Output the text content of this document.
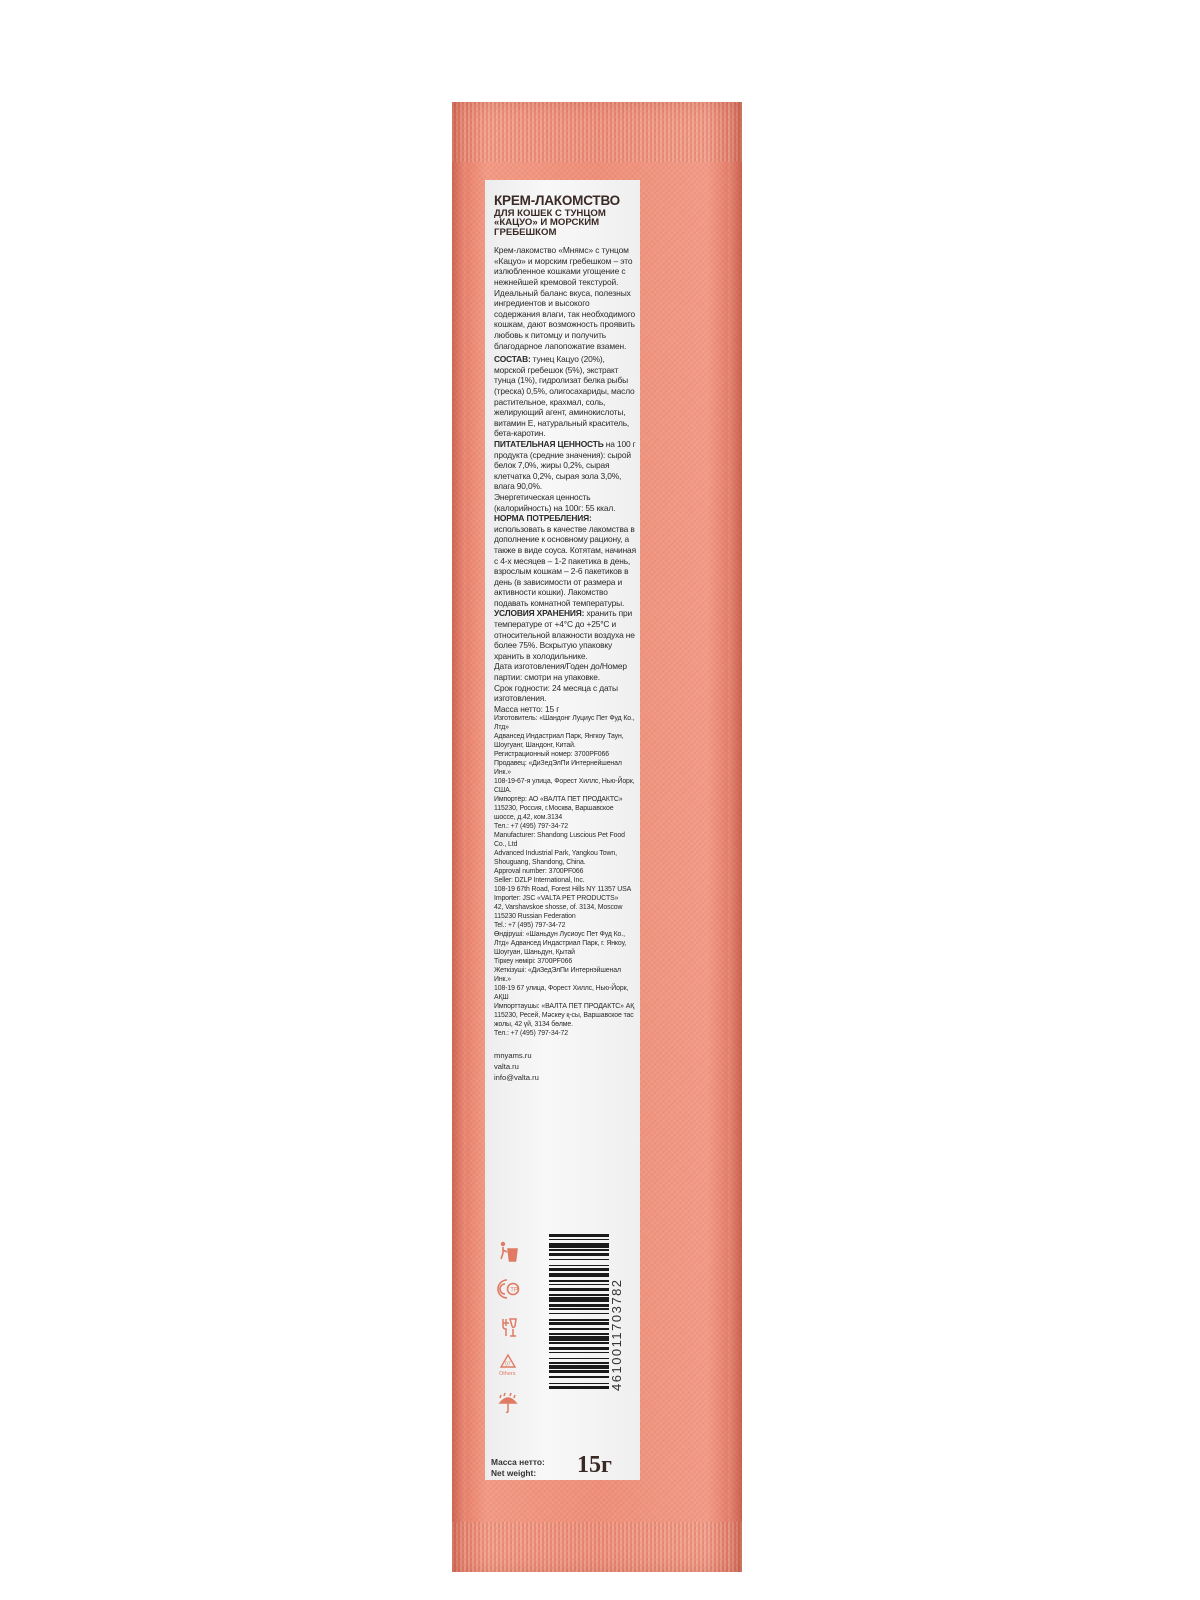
КРЕМ-ЛАКОМСТВО
ДЛЯ КОШЕК С ТУНЦОМ «КАЦУО» И МОРСКИМ ГРЕБЕШКОМ
Крем-лакомство «Мнямс» с тунцом «Кацуо» и морским гребешком – это излюбленное кошками угощение с нежнейшей кремовой текстурой. Идеальный баланс вкуса, полезных ингредиентов и высокого содержания влаги, так необходимого кошкам, дают возможность проявить любовь к питомцу и получить благодарное лапопожатие взамен.

СОСТАВ: тунец Кацуо (20%), морской гребешок (5%), экстракт тунца (1%), гидролизат белка рыбы (треска) 0,5%, олигосахариды, масло растительное, крахмал, соль, желирующий агент, аминокислоты, витамин Е, натуральный краситель, бета-каротин.

ПИТАТЕЛЬНАЯ ЦЕННОСТЬ на 100 г продукта (средние значения): сырой белок 7,0%, жиры 0,2%, сырая клетчатка 0,2%, сырая зола 3,0%, влага 90,0%.

Энергетическая ценность (калорийность) на 100г: 55 ккал.

НОРМА ПОТРЕБЛЕНИЯ: использовать в качестве лакомства в дополнение к основному рациону, а также в виде соуса. Котятам, начиная с 4-х месяцев – 1-2 пакетика в день, взрослым кошкам – 2-6 пакетиков в день (в зависимости от размера и активности кошки). Лакомство подавать комнатной температуры.

УСЛОВИЯ ХРАНЕНИЯ: хранить при температуре от +4°С до +25°С и относительной влажности воздуха не более 75%. Вскрытую упаковку хранить в холодильнике.

Дата изготовления/Годен до/Номер партии: смотри на упаковке.

Срок годности: 24 месяца с даты изготовления.

Масса нетто: 15 г

Изготовитель: «Шандонг Луциус Пет Фуд Ко., Лтд»
Адвансед Индастриал Парк, Янгкоу Таун, Шоугуанг, Шандонг, Китай.
Регистрационный номер: 3700PF066
Продавец: «ДиЗедЭлПи Интернейшенал Инк.»
108-19-67-я улица, Форест Хиллс, Нью-Йорк, США.
Импортёр: АО «ВАЛТА ПЕТ ПРОДАКТС»
115230, Россия, г.Москва, Варшавское шоссе, д.42, ком.3134
Тел.: +7 (495) 797-34-72
Manufacturer: Shandong Luscious Pet Food Co., Ltd
Advanced Industrial Park, Yangkou Town, Shouguang, Shandong, China.
Approval number: 3700PF066
Seller: DZLP International, Inc.
108-19 67th Road, Forest Hills NY 11357 USA
Importer: JSC «VALTA PET PRODUCTS»
42, Varshavskoe shosse, of. 3134, Moscow 115230 Russian Federation
Tel.: +7 (495) 797-34-72
Өндіруші: «Шаньдун Лусиоус Пет Фуд Ко., Лтд» Адвансед Индастриал Парк, г. Янкоу, Шоугуан, Шаньдун, Қытай
Тіркеу нөмірі: 3700PF066
Жеткізуші: «ДиЗедЭлПи Интернэйшенал Инк.»
108-19 67 улица, Форест Хиллс, Нью-Йорк, АҚШ
Импорттаушы: «ВАЛТА ПЕТ ПРОДАКТС» АҚ 115230, Ресей, Мәскеу қ-сы, Варшавское тас жолы, 42 үй, 3134 бөлме.
Тел.: +7 (495) 797-34-72
mnyams.ru
valta.ru
info@valta.ru
ТР
07
Others	4610011703782
Масса нетто:
Net weight:	15г
